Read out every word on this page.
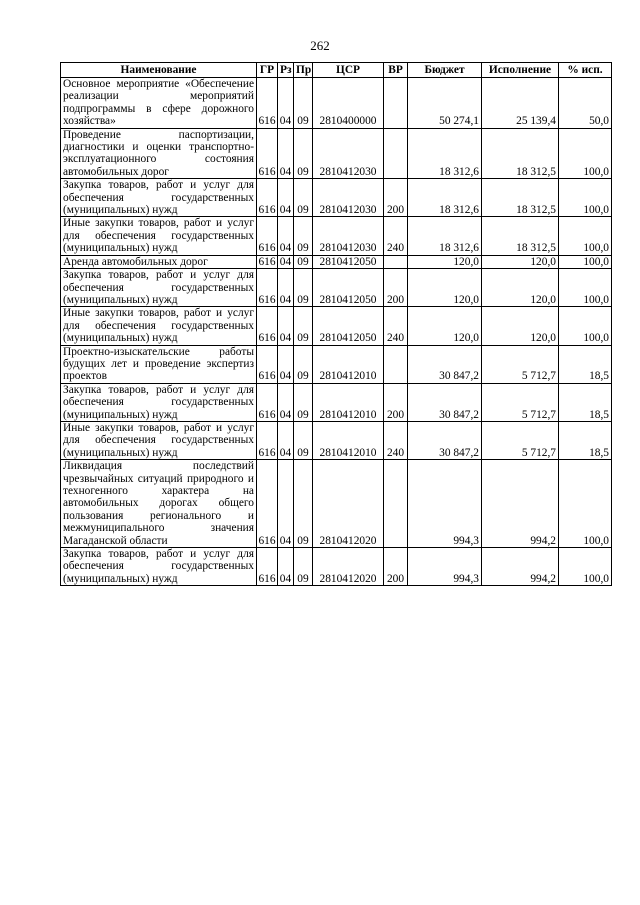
262
Наименование	ГР	Рз	Пр	ЦСР	ВР	Бюджет	Исполнение	% исп.
Основное мероприятие «Обеспечение реализации мероприятий подпрограммы в сфере дорожного хозяйства»	616	04	09	2810400000		50 274,1	25 139,4	50,0
Проведение паспортизации, диагностики и оценки транспортно-эксплуатационного состояния автомобильных дорог	616	04	09	2810412030		18 312,6	18 312,5	100,0
Закупка товаров, работ и услуг для обеспечения государственных (муниципальных) нужд	616	04	09	2810412030	200	18 312,6	18 312,5	100,0
Иные закупки товаров, работ и услуг для обеспечения государственных (муниципальных) нужд	616	04	09	2810412030	240	18 312,6	18 312,5	100,0
Аренда автомобильных дорог	616	04	09	2810412050		120,0	120,0	100,0
Закупка товаров, работ и услуг для обеспечения государственных (муниципальных) нужд	616	04	09	2810412050	200	120,0	120,0	100,0
Иные закупки товаров, работ и услуг для обеспечения государственных (муниципальных) нужд	616	04	09	2810412050	240	120,0	120,0	100,0
Проектно-изыскательские работы будущих лет и проведение экспертиз проектов	616	04	09	2810412010		30 847,2	5 712,7	18,5
Закупка товаров, работ и услуг для обеспечения государственных (муниципальных) нужд	616	04	09	2810412010	200	30 847,2	5 712,7	18,5
Иные закупки товаров, работ и услуг для обеспечения государственных (муниципальных) нужд	616	04	09	2810412010	240	30 847,2	5 712,7	18,5
Ликвидация последствий чрезвычайных ситуаций природного и техногенного характера на автомобильных дорогах общего пользования регионального и межмуниципального значения Магаданской области	616	04	09	2810412020		994,3	994,2	100,0
Закупка товаров, работ и услуг для обеспечения государственных (муниципальных) нужд	616	04	09	2810412020	200	994,3	994,2	100,0
